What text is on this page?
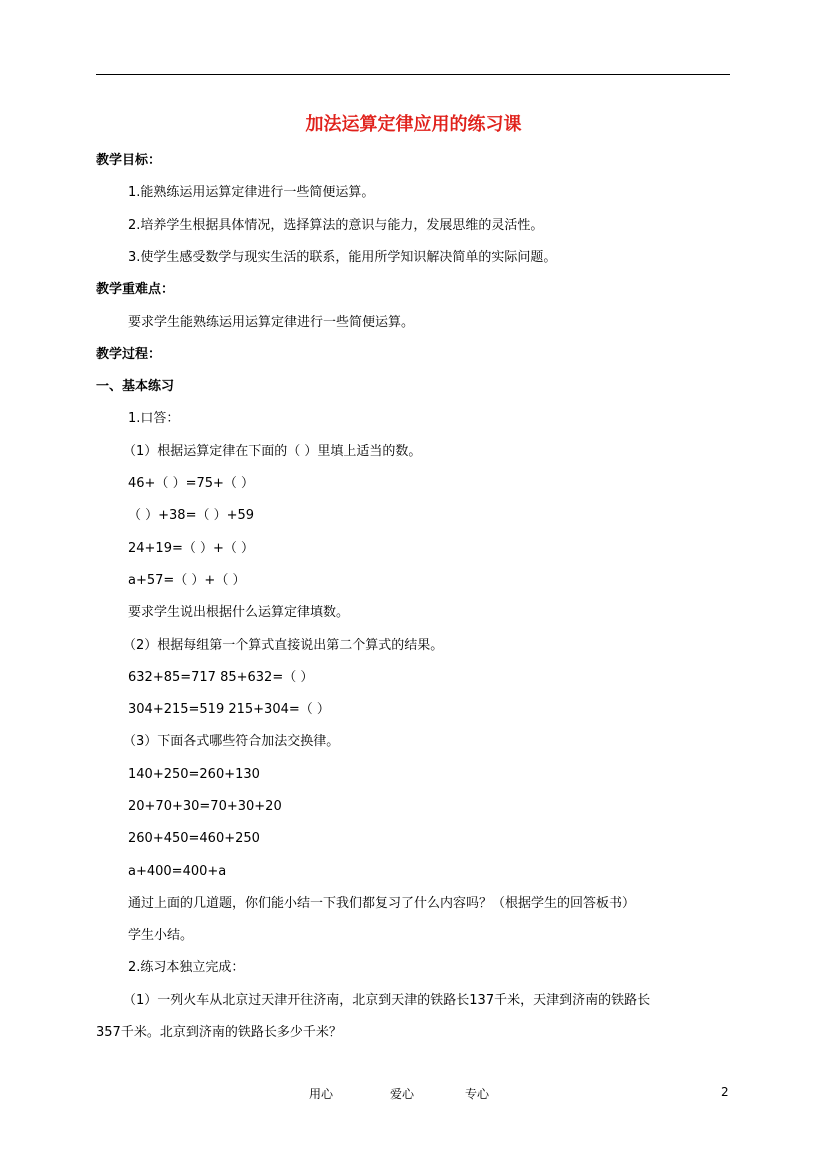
加法运算定律应用的练习课
教学目标：
1.能熟练运用运算定律进行一些简便运算。
2.培养学生根据具体情况，选择算法的意识与能力，发展思维的灵活性。
3.使学生感受数学与现实生活的联系，能用所学知识解决简单的实际问题。
教学重难点：
要求学生能熟练运用运算定律进行一些简便运算。
教学过程：
一、基本练习
1.口答：
（1）根据运算定律在下面的（ ）里填上适当的数。
46+（ ）=75+（ ）
（ ）+38=（ ）+59
24+19=（ ）+（ ）
a+57=（ ）+（ ）
要求学生说出根据什么运算定律填数。
（2）根据每组第一个算式直接说出第二个算式的结果。
632+85=717 85+632=（ ）
304+215=519 215+304=（ ）
（3）下面各式哪些符合加法交换律。
140+250=260+130
20+70+30=70+30+20
260+450=460+250
a+400=400+a
通过上面的几道题，你们能小结一下我们都复习了什么内容吗？（根据学生的回答板书）
学生小结。
2.练习本独立完成：
（1）一列火车从北京过天津开往济南，北京到天津的铁路长137千米，天津到济南的铁路长
357千米。北京到济南的铁路长多少千米？
用心	爱心	专心	2
